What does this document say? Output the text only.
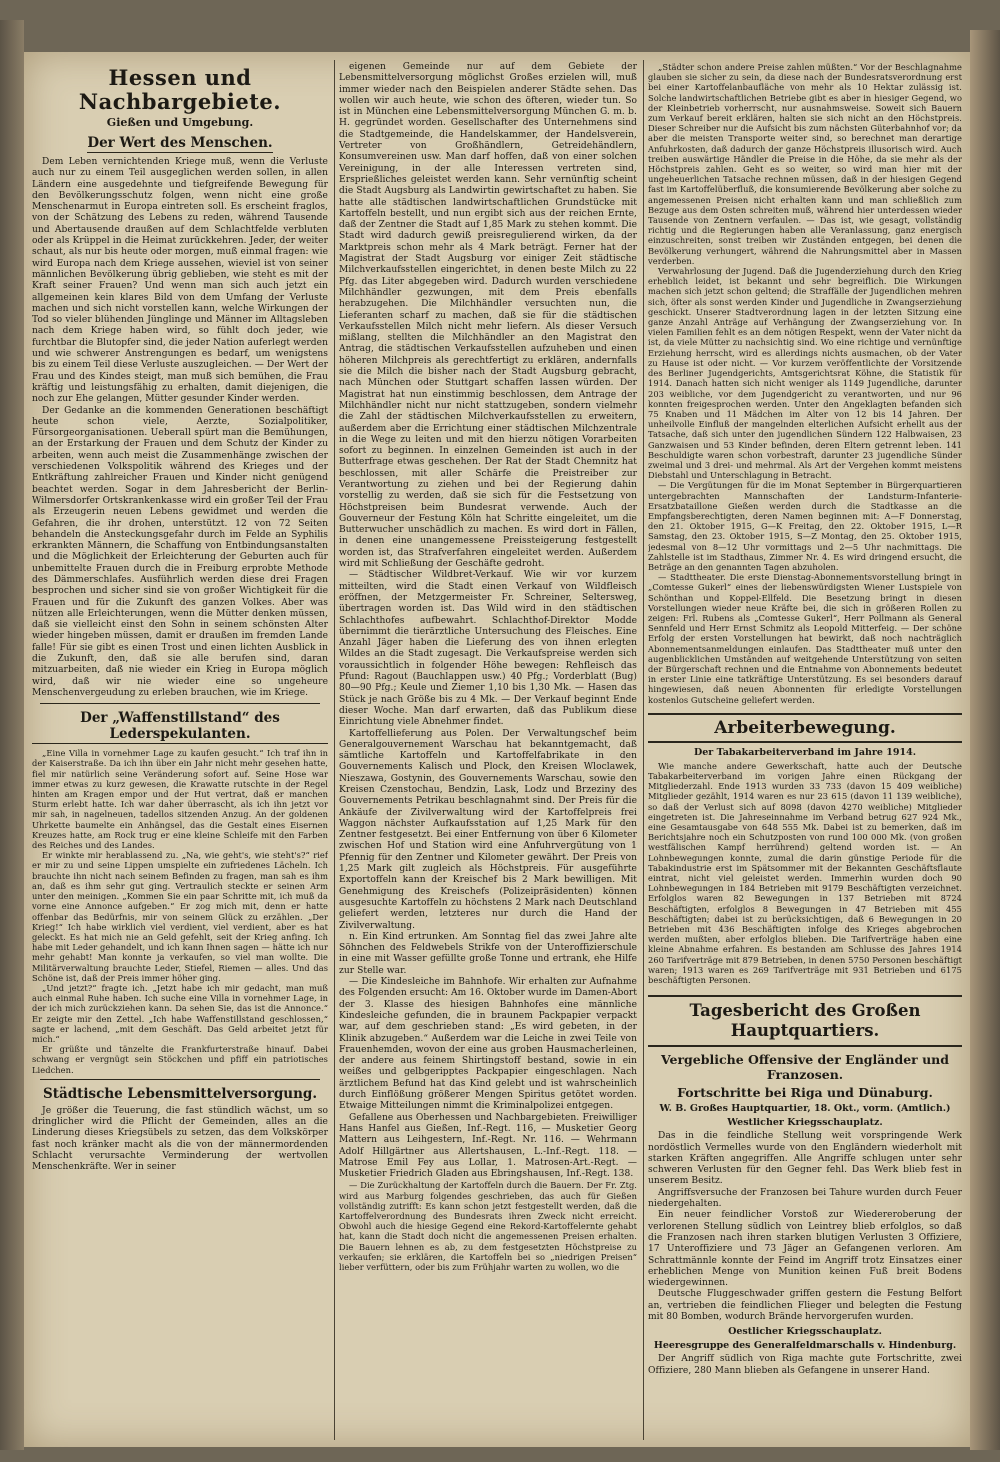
Hessen und Nachbargebiete.
Gießen und Umgebung.
Der Wert des Menschen.

Dem Leben vernichtenden Kriege muß, wenn die Verluste auch nur zu einem Teil ausgeglichen werden sollen, in allen Ländern eine ausgedehnte und tiefgreifende Bewegung für den Bevölkerungsschutz folgen, wenn nicht eine große Menschenarmut in Europa eintreten soll. Es erscheint fraglos, von der Schätzung des Lebens zu reden, während Tausende und Abertausende draußen auf dem Schlachtfelde verbluten oder als Krüppel in die Heimat zurückkehren. Jeder, der weiter schaut, als nur bis heute oder morgen, muß einmal fragen: wie wird Europa nach dem Kriege aussehen, wieviel ist von seiner männlichen Bevölkerung übrig geblieben, wie steht es mit der Kraft seiner Frauen? Und wenn man sich auch jetzt ein allgemeinen kein klares Bild von dem Umfang der Verluste machen und sich nicht vorstellen kann, welche Wirkungen der Tod so vieler blühenden Jünglinge und Männer im Alltagsleben nach dem Kriege haben wird, so fühlt doch jeder, wie furchtbar die Blutopfer sind, die jeder Nation auferlegt werden und wie schwerer Anstrengungen es bedarf, um wenigstens bis zu einem Teil diese Verluste auszugleichen. — Der Wert der Frau und des Kindes steigt, man muß sich bemühen, die Frau kräftig und leistungsfähig zu erhalten, damit diejenigen, die noch zur Ehe gelangen, Mütter gesunder Kinder werden.

Der Gedanke an die kommenden Generationen beschäftigt heute schon viele, Aerzte, Sozialpolitiker, Fürsorgeorganisationen. Ueberall spürt man die Bemühungen, an der Erstarkung der Frauen und dem Schutz der Kinder zu arbeiten, wenn auch meist die Zusammenhänge zwischen der verschiedenen Volkspolitik während des Krieges und der Entkräftung zahlreicher Frauen und Kinder nicht genügend beachtet werden. Sogar in dem Jahresbericht der Berlin-Wilmersdorfer Ortskrankenkasse wird ein großer Teil der Frau als Erzeugerin neuen Lebens gewidmet und werden die Gefahren, die ihr drohen, unterstützt. 12 von 72 Seiten behandeln die Ansteckungsgefahr durch im Felde an Syphilis erkrankten Männern, die Schaffung von Entbindungsanstalten und die Möglichkeit der Erleichterung der Geburten auch für unbemittelte Frauen durch die in Freiburg erprobte Methode des Dämmerschlafes. Ausführlich werden diese drei Fragen besprochen und sicher sind sie von großer Wichtigkeit für die Frauen und für die Zukunft des ganzen Volkes. Aber was nützen alle Erleichterungen, wenn die Mütter denken müssen, daß sie vielleicht einst den Sohn in seinem schönsten Alter wieder hingeben müssen, damit er draußen im fremden Lande falle! Für sie gibt es einen Trost und einen lichten Ausblick in die Zukunft, den, daß sie alle berufen sind, daran mitzuarbeiten, daß nie wieder ein Krieg in Europa möglich wird, daß wir nie wieder eine so ungeheure Menschenvergeudung zu erleben brauchen, wie im Kriege.

Der „Waffenstillstand“ des Lederspekulanten.

„Eine Villa in vornehmer Lage zu kaufen gesucht.“ Ich traf ihn in der Kaiserstraße. Da ich ihn über ein Jahr nicht mehr gesehen hatte, fiel mir natürlich seine Veränderung sofort auf. Seine Hose war immer etwas zu kurz gewesen, die Krawatte rutschte in der Regel hinten am Kragen empor und der Hut vertrat, daß er manchen Sturm erlebt hatte. Ich war daher überrascht, als ich ihn jetzt vor mir sah, in nagelneuen, tadellos sitzenden Anzug. An der goldenen Uhrkette baumelte ein Anhängsel, das die Gestalt eines Eisernen Kreuzes hatte, am Rock trug er eine kleine Schleife mit den Farben des Reiches und des Landes.

Er winkte mir herablassend zu. „Na, wie geht's, wie steht's?“ rief er mir zu und seine Lippen umspielte ein zufriedenes Lächeln. Ich brauchte ihn nicht nach seinem Befinden zu fragen, man sah es ihm an, daß es ihm sehr gut ging. Vertraulich steckte er seinen Arm unter den meinigen. „Kommen Sie ein paar Schritte mit, ich muß da vorne eine Annonce aufgeben.“ Er zog mich mit, denn er hatte offenbar das Bedürfnis, mir von seinem Glück zu erzählen. „Der Krieg!“ Ich habe wirklich viel verdient, viel verdient, aber es hat geleckt. Es hat mich nie an Geld gefehlt, seit der Krieg anfing. Ich habe mit Leder gehandelt, und ich kann Ihnen sagen — hätte ich nur mehr gehabt! Man konnte ja verkaufen, so viel man wollte. Die Militärverwaltung brauchte Leder, Stiefel, Riemen — alles. Und das Schöne ist, daß der Preis immer höher ging.

„Und jetzt?“ fragte ich. „Jetzt habe ich mir gedacht, man muß auch einmal Ruhe haben. Ich suche eine Villa in vornehmer Lage, in der ich mich zurückziehen kann. Da sehen Sie, das ist die Annonce.“ Er zeigte mir den Zettel. „Ich habe Waffenstillstand geschlossen,“ sagte er lachend, „mit dem Geschäft. Das Geld arbeitet jetzt für mich.“

Er grüßte und tänzelte die Frankfurterstraße hinauf. Dabei schwang er vergnügt sein Stöckchen und pfiff ein patriotisches Liedchen.

Städtische Lebensmittelversorgung.

Je größer die Teuerung, die fast stündlich wächst, um so dringlicher wird die Pflicht der Gemeinden, alles an die Linderung dieses Kriegsübels zu setzen, das dem Volkskörper fast noch kränker macht als die von der männermordenden Schlacht verursachte Verminderung der wertvollen Menschenkräfte. Wer in seiner

eigenen Gemeinde nur auf dem Gebiete der Lebensmittelversorgung möglichst Großes erzielen will, muß immer wieder nach den Beispielen anderer Städte sehen. Das wollen wir auch heute, wie schon des öfteren, wieder tun. So ist in München eine Lebensmittelversorgung München G. m. b. H. gegründet worden. Gesellschafter des Unternehmens sind die Stadtgemeinde, die Handelskammer, der Handelsverein, Vertreter von Großhändlern, Getreidehändlern, Konsumvereinen usw. Man darf hoffen, daß von einer solchen Vereinigung, in der alle Interessen vertreten sind, Ersprießliches geleistet werden kann. Sehr vernünftig scheint die Stadt Augsburg als Landwirtin gewirtschaftet zu haben. Sie hatte alle städtischen landwirtschaftlichen Grundstücke mit Kartoffeln bestellt, und nun ergibt sich aus der reichen Ernte, daß der Zentner die Stadt auf 1,85 Mark zu stehen kommt. Die Stadt wird dadurch gewiß preisregulierend wirken, da der Marktpreis schon mehr als 4 Mark beträgt. Ferner hat der Magistrat der Stadt Augsburg vor einiger Zeit städtische Milchverkaufsstellen eingerichtet, in denen beste Milch zu 22 Pfg. das Liter abgegeben wird. Dadurch wurden verschiedene Milchhändler gezwungen, mit dem Preis ebenfalls herabzugehen. Die Milchhändler versuchten nun, die Lieferanten scharf zu machen, daß sie für die städtischen Verkaufsstellen Milch nicht mehr liefern. Als dieser Versuch mißlang, stellten die Milchhändler an den Magistrat den Antrag, die städtischen Verkaufsstellen aufzuheben und einen höheren Milchpreis als gerechtfertigt zu erklären, andernfalls sie die Milch die bisher nach der Stadt Augsburg gebracht, nach München oder Stuttgart schaffen lassen würden. Der Magistrat hat nun einstimmig beschlossen, dem Antrage der Milchhändler nicht nur nicht stattzugeben, sondern vielmehr die Zahl der städtischen Milchverkaufsstellen zu erweitern, außerdem aber die Errichtung einer städtischen Milchzentrale in die Wege zu leiten und mit den hierzu nötigen Vorarbeiten sofort zu beginnen. In einzelnen Gemeinden ist auch in der Butterfrage etwas geschehen. Der Rat der Stadt Chemnitz hat beschlossen, mit aller Schärfe die Preistreiber zur Verantwortung zu ziehen und bei der Regierung dahin vorstellig zu werden, daß sie sich für die Festsetzung von Höchstpreisen beim Bundesrat verwende. Auch der Gouverneur der Festung Köln hat Schritte eingeleitet, um die Butterwucher unschädlich zu machen. Es wird dort in Fällen, in denen eine unangemessene Preissteigerung festgestellt worden ist, das Strafverfahren eingeleitet werden. Außerdem wird mit Schließung der Geschäfte gedroht.

— Städtischer Wildbret-Verkauf. Wie wir vor kurzem mitteilten, wird die Stadt einen Verkauf von Wildfleisch eröffnen, der Metzgermeister Fr. Schreiner, Seltersweg, übertragen worden ist. Das Wild wird in den städtischen Schlachthofes aufbewahrt. Schlachthof-Direktor Modde übernimmt die tierärztliche Untersuchung des Fleisches. Eine Anzahl Jäger haben die Lieferung des von ihnen erlegten Wildes an die Stadt zugesagt. Die Verkaufspreise werden sich voraussichtlich in folgender Höhe bewegen: Rehfleisch das Pfund: Ragout (Bauchlappen usw.) 40 Pfg.; Vorderblatt (Bug) 80—90 Pfg.; Keule und Ziemer 1,10 bis 1,30 Mk. — Hasen das Stück je nach Größe bis zu 4 Mk. — Der Verkauf beginnt Ende dieser Woche. Man darf erwarten, daß das Publikum diese Einrichtung viele Abnehmer findet.

Kartoffellieferung aus Polen. Der Verwaltungschef beim Generalgouvernement Warschau hat bekanntgemacht, daß sämtliche Kartoffeln und Kartoffelfabrikate in den Gouvernements Kalisch und Plock, den Kreisen Wloclawek, Nieszawa, Gostynin, des Gouvernements Warschau, sowie den Kreisen Czenstochau, Bendzin, Lask, Lodz und Brzeziny des Gouvernements Petrikau beschlagnahmt sind. Der Preis für die Ankäufe der Zivilverwaltung wird der Kartoffelpreis frei Waggon nächster Aufkaufsstation auf 1,25 Mark für den Zentner festgesetzt. Bei einer Entfernung von über 6 Kilometer zwischen Hof und Station wird eine Anfuhrvergütung von 1 Pfennig für den Zentner und Kilometer gewährt. Der Preis von 1,25 Mark gilt zugleich als Höchstpreis. Für ausgeführte Exportoffeln kann der Kreischef bis 2 Mark bewilligen. Mit Genehmigung des Kreischefs (Polizeipräsidenten) können ausgesuchte Kartoffeln zu höchstens 2 Mark nach Deutschland geliefert werden, letzteres nur durch die Hand der Zivilverwaltung.

n. Ein Kind ertrunken. Am Sonntag fiel das zwei Jahre alte Söhnchen des Feldwebels Strikfe von der Unteroffizierschule in eine mit Wasser gefüllte große Tonne und ertrank, ehe Hilfe zur Stelle war.

— Die Kindesleiche im Bahnhofe. Wir erhalten zur Aufnahme des Folgenden ersucht: Am 16. Oktober wurde im Damen-Abort der 3. Klasse des hiesigen Bahnhofes eine männliche Kindesleiche gefunden, die in braunem Packpapier verpackt war, auf dem geschrieben stand: „Es wird gebeten, in der Klinik abzugeben.“ Außerdem war die Leiche in zwei Teile von Frauenhemden, wovon der eine aus groben Hausmacherleinen, der andere aus feinem Shirtingstoff bestand, sowie in ein weißes und gelbgeripptes Packpapier eingeschlagen. Nach ärztlichem Befund hat das Kind gelebt und ist wahrscheinlich durch Einflößung größerer Mengen Spiritus getötet worden. Etwaige Mitteilungen nimmt die Kriminalpolizei entgegen.

Gefallene aus Oberhessen und Nachbargebieten. Freiwilliger Hans Hanfel aus Gießen, Inf.-Regt. 116, — Musketier Georg Mattern aus Leihgestern, Inf.-Regt. Nr. 116. — Wehrmann Adolf Hillgärtner aus Allertshausen, L.-Inf.-Regt. 118. — Matrose Emil Fey aus Lollar, 1. Matrosen-Art.-Regt. — Musketier Friedrich Gladen aus Ebringshausen, Inf.-Regt. 138.

— Die Zurückhaltung der Kartoffeln durch die Bauern. Der Fr. Ztg. wird aus Marburg folgendes geschrieben, das auch für Gießen vollständig zutrifft: Es kann schon jetzt festgestellt werden, daß die Kartoffelverordnung des Bundesrats ihren Zweck nicht erreicht. Obwohl auch die hiesige Gegend eine Rekord-Kartoffelernte gehabt hat, kann die Stadt doch nicht die angemessenen Preisen erhalten. Die Bauern lehnen es ab, zu dem festgesetzten Höchstpreise zu verkaufen; sie erklären, die Kartoffeln bei so „niedrigen Preisen“ lieber verfüttern, oder bis zum Frühjahr warten zu wollen, wo die

„Städter schon andere Preise zahlen müßten.“ Vor der Beschlagnahme glauben sie sicher zu sein, da diese nach der Bundesratsverordnung erst bei einer Kartoffelanbaufläche von mehr als 10 Hektar zulässig ist. Solche landwirtschaftlichen Betriebe gibt es aber in hiesiger Gegend, wo der Kleinbetrieb vorherrscht, nur ausnahmsweise. Soweit sich Bauern zum Verkauf bereit erklären, halten sie sich nicht an den Höchstpreis. Dieser Schreiber nur die Aufsicht bis zum nächsten Güterbahnhof vor; da aber die meisten Transporte weiter sind, so berechnet man derartige Anfuhrkosten, daß dadurch der ganze Höchstpreis illusorisch wird. Auch treiben auswärtige Händler die Preise in die Höhe, da sie mehr als der Höchstpreis zahlen. Geht es so weiter, so wird man hier mit der ungeheuerlichen Tatsache rechnen müssen, daß in der hiesigen Gegend fast im Kartoffelüberfluß, die konsumierende Bevölkerung aber solche zu angemessenen Preisen nicht erhalten kann und man schließlich zum Bezuge aus dem Osten schreiten muß, während hier unterdessen wieder Tausende von Zentnern verfaulen. — Das ist, wie gesagt, vollständig richtig und die Regierungen haben alle Veranlassung, ganz energisch einzuschreiten, sonst treiben wir Zuständen entgegen, bei denen die Bevölkerung verhungert, während die Nahrungsmittel aber in Massen verderben.

Verwahrlosung der Jugend. Daß die Jugenderziehung durch den Krieg erheblich leidet, ist bekannt und sehr begreiflich. Die Wirkungen machen sich jetzt schon geltend; die Straffälle der Jugendlichen mehren sich, öfter als sonst werden Kinder und Jugendliche in Zwangserziehung geschickt. Unserer Stadtverordnung lagen in der letzten Sitzung eine ganze Anzahl Anträge auf Verhängung der Zwangserziehung vor. In vielen Familien fehlt es an dem nötigen Respekt, wenn der Vater nicht da ist, da viele Mütter zu nachsichtig sind. Wo eine richtige und vernünftige Erziehung herrscht, wird es allerdings nichts ausmachen, ob der Vater zu Hause ist oder nicht. — Vor kurzem veröffentlichte der Vorsitzende des Berliner Jugendgerichts, Amtsgerichtsrat Köhne, die Statistik für 1914. Danach hatten sich nicht weniger als 1149 Jugendliche, darunter 203 weibliche, vor dem Jugendgericht zu verantworten, und nur 96 konnten freigesprochen werden. Unter den Angeklagten befanden sich 75 Knaben und 11 Mädchen im Alter von 12 bis 14 Jahren. Der unheilvolle Einfluß der mangelnden elterlichen Aufsicht erhellt aus der Tatsache, daß sich unter den jugendlichen Sündern 122 Halbwaisen, 23 Ganzwaisen und 53 Kinder befinden, deren Eltern getrennt leben. 141 Beschuldigte waren schon vorbestraft, darunter 23 jugendliche Sünder zweimal und 3 drei- und mehrmal. Als Art der Vergehen kommt meistens Diebstahl und Unterschlagung in Betracht.

— Die Vergütungen für die im Monat September in Bürgerquartieren untergebrachten Mannschaften der Landsturm-Infanterie-Ersatzbataillone Gießen werden durch die Stadtkasse an die Empfangsberechtigten, deren Namen beginnen mit: A—F Donnerstag, den 21. Oktober 1915, G—K Freitag, den 22. Oktober 1915, L—R Samstag, den 23. Oktober 1915, S—Z Montag, den 25. Oktober 1915, jedesmal von 8—12 Uhr vormittags und 2—5 Uhr nachmittags. Die Zahlstelle ist im Stadthaus, Zimmer Nr. 4. Es wird dringend ersucht, die Beträge an den genannten Tagen abzuholen.

— Stadttheater. Die erste Dienstag-Abonnementsvorstellung bringt in „Comtesse Gukerl“ eines der liebenswürdigsten Wiener Lustspiele von Schönthan und Koppel-Ellfeld. Die Besetzung bringt in diesen Vorstellungen wieder neue Kräfte bei, die sich in größeren Rollen zu zeigen: Frl. Rubens als „Comtesse Gukerl“, Herr Pollmann als General Sennfeld und Herr Ernst Schmitz als Leopold Mitterfeig. — Der schöne Erfolg der ersten Vorstellungen hat bewirkt, daß noch nachträglich Abonnementsanmeldungen einlaufen. Das Stadttheater muß unter den augenblicklichen Umständen auf weitgehende Unterstützung von seiten der Bürgerschaft rechnen und die Entnahme von Abonnements bedeutet in erster Linie eine tatkräftige Unterstützung. Es sei besonders darauf hingewiesen, daß neuen Abonnenten für erledigte Vorstellungen kostenlos Gutscheine geliefert werden.

Arbeiterbewegung.
Der Tabakarbeiterverband im Jahre 1914.

Wie manche andere Gewerkschaft, hatte auch der Deutsche Tabakarbeiterverband im vorigen Jahre einen Rückgang der Mitgliederzahl. Ende 1913 wurden 33 733 (davon 15 409 weibliche) Mitglieder gezählt, 1914 waren es nur 23 615 (davon 11 139 weibliche), so daß der Verlust sich auf 8098 (davon 4270 weibliche) Mitglieder eingetreten ist. Die Jahreseinnahme im Verband betrug 627 924 Mk., eine Gesamtausgabe von 648 555 Mk. Dabei ist zu bemerken, daß im Berichtsjahre noch ein Schutzposten von rund 100 000 Mk. (von großen westfälischen Kampf herrührend) geltend worden ist. — An Lohnbewegungen konnte, zumal die darin günstige Periode für die Tabakindustrie erst im Spätsommer mit der Bekannten Geschäftsflaute eintrat, nicht viel geleistet werden. Immerhin wurden doch 90 Lohnbewegungen in 184 Betrieben mit 9179 Beschäftigten verzeichnet. Erfolglos waren 82 Bewegungen in 137 Betrieben mit 8724 Beschäftigten, erfolglos 8 Bewegungen in 47 Betrieben mit 455 Beschäftigten; dabei ist zu berücksichtigen, daß 6 Bewegungen in 20 Betrieben mit 436 Beschäftigten infolge des Krieges abgebrochen werden mußten, aber erfolglos blieben. Die Tarifverträge haben eine kleine Abnahme erfahren. Es bestanden am Schlusse des Jahres 1914 260 Tarifverträge mit 879 Betrieben, in denen 5750 Personen beschäftigt waren; 1913 waren es 269 Tarifverträge mit 931 Betrieben und 6175 beschäftigten Personen.

Tagesbericht des Großen Hauptquartiers.
Vergebliche Offensive der Engländer und Franzosen.
Fortschritte bei Riga und Dünaburg.
W. B. Großes Hauptquartier, 18. Okt., vorm. (Amtlich.)
Westlicher Kriegsschauplatz.

Das in die feindliche Stellung weit vorspringende Werk nordöstlich Vermelles wurde von den Engländern wiederholt mit starken Kräften angegriffen. Alle Angriffe schlugen unter sehr schweren Verlusten für den Gegner fehl. Das Werk blieb fest in unserem Besitz.

Angriffsversuche der Franzosen bei Tahure wurden durch Feuer niedergehalten.

Ein neuer feindlicher Vorstoß zur Wiedereroberung der verlorenen Stellung südlich von Leintrey blieb erfolglos, so daß die Franzosen nach ihren starken blutigen Verlusten 3 Offiziere, 17 Unteroffiziere und 73 Jäger an Gefangenen verloren. Am Schrattmännle konnte der Feind im Angriff trotz Einsatzes einer erheblichen Menge von Munition keinen Fuß breit Bodens wiedergewinnen.

Deutsche Fluggeschwader griffen gestern die Festung Belfort an, vertrieben die feindlichen Flieger und belegten die Festung mit 80 Bomben, wodurch Brände hervorgerufen wurden.

Oestlicher Kriegsschauplatz.
Heeresgruppe des Generalfeldmarschalls v. Hindenburg.

Der Angriff südlich von Riga machte gute Fortschritte, zwei Offiziere, 280 Mann blieben als Gefangene in unserer Hand.
